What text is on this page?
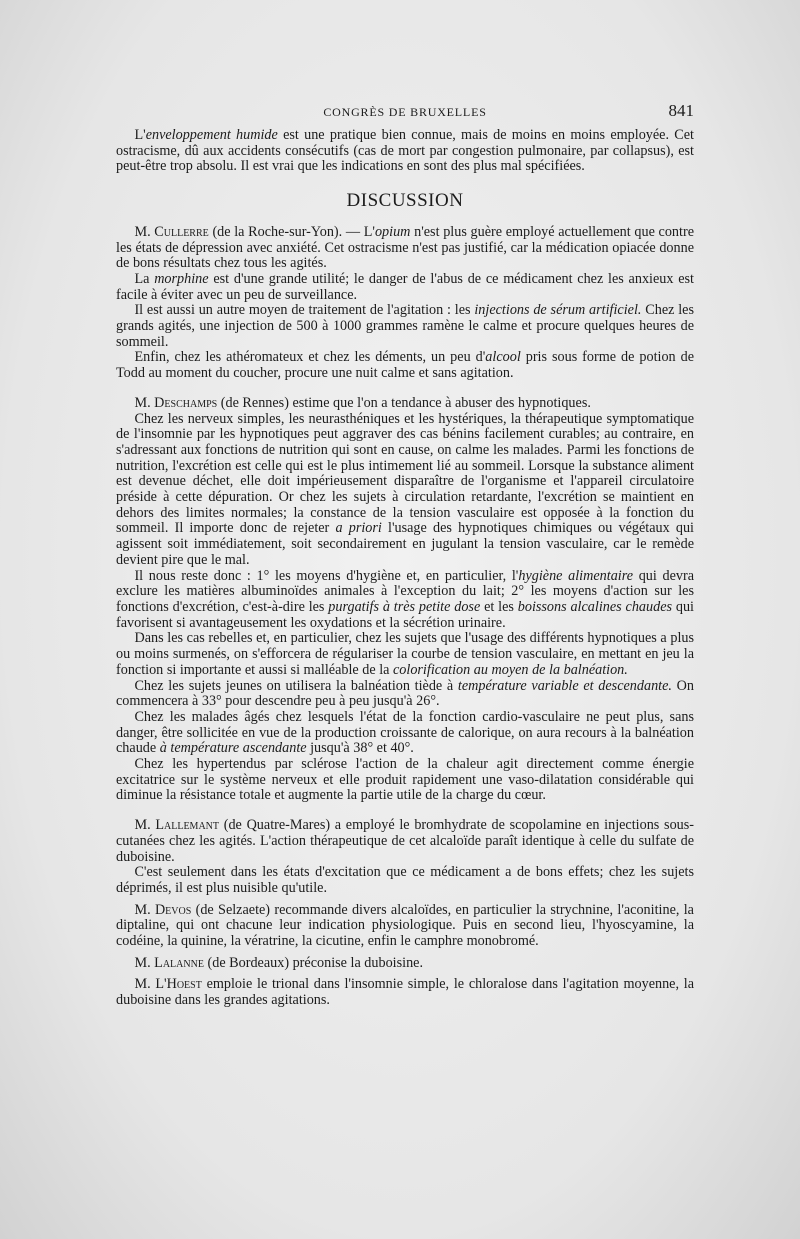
CONGRÈS DE BRUXELLES	841

L'enveloppement humide est une pratique bien connue, mais de moins en moins employée. Cet ostracisme, dû aux accidents consécutifs (cas de mort par congestion pulmonaire, par collapsus), est peut-être trop absolu. Il est vrai que les indications en sont des plus mal spécifiées.

DISCUSSION

M. Cullerre (de la Roche-sur-Yon). — L'opium n'est plus guère employé actuellement que contre les états de dépression avec anxiété. Cet ostracisme n'est pas justifié, car la médication opiacée donne de bons résultats chez tous les agités.

La morphine est d'une grande utilité; le danger de l'abus de ce médicament chez les anxieux est facile à éviter avec un peu de surveillance.

Il est aussi un autre moyen de traitement de l'agitation : les injections de sérum artificiel. Chez les grands agités, une injection de 500 à 1000 grammes ramène le calme et procure quelques heures de sommeil.

Enfin, chez les athéromateux et chez les déments, un peu d'alcool pris sous forme de potion de Todd au moment du coucher, procure une nuit calme et sans agitation.

M. Deschamps (de Rennes) estime que l'on a tendance à abuser des hypnotiques.

Chez les nerveux simples, les neurasthéniques et les hystériques, la thérapeutique symptomatique de l'insomnie par les hypnotiques peut aggraver des cas bénins facilement curables; au contraire, en s'adressant aux fonctions de nutrition qui sont en cause, on calme les malades. Parmi les fonctions de nutrition, l'excrétion est celle qui est le plus intimement lié au sommeil. Lorsque la substance aliment est devenue déchet, elle doit impérieusement disparaître de l'organisme et l'appareil circulatoire préside à cette dépuration. Or chez les sujets à circulation retardante, l'excrétion se maintient en dehors des limites normales; la constance de la tension vasculaire est opposée à la fonction du sommeil. Il importe donc de rejeter a priori l'usage des hypnotiques chimiques ou végétaux qui agissent soit immédiatement, soit secondairement en jugulant la tension vasculaire, car le remède devient pire que le mal.

Il nous reste donc : 1° les moyens d'hygiène et, en particulier, l'hygiène alimentaire qui devra exclure les matières albuminoïdes animales à l'exception du lait; 2° les moyens d'action sur les fonctions d'excrétion, c'est-à-dire les purgatifs à très petite dose et les boissons alcalines chaudes qui favorisent si avantageusement les oxydations et la sécrétion urinaire.

Dans les cas rebelles et, en particulier, chez les sujets que l'usage des différents hypnotiques a plus ou moins surmenés, on s'efforcera de régulariser la courbe de tension vasculaire, en mettant en jeu la fonction si importante et aussi si malléable de la colorification au moyen de la balnéation.

Chez les sujets jeunes on utilisera la balnéation tiède à température variable et descendante. On commencera à 33° pour descendre peu à peu jusqu'à 26°.

Chez les malades âgés chez lesquels l'état de la fonction cardio-vasculaire ne peut plus, sans danger, être sollicitée en vue de la production croissante de calorique, on aura recours à la balnéation chaude à température ascendante jusqu'à 38° et 40°.

Chez les hypertendus par sclérose l'action de la chaleur agit directement comme énergie excitatrice sur le système nerveux et elle produit rapidement une vaso-dilatation considérable qui diminue la résistance totale et augmente la partie utile de la charge du cœur.

M. Lallemant (de Quatre-Mares) a employé le bromhydrate de scopolamine en injections sous-cutanées chez les agités. L'action thérapeutique de cet alcaloïde paraît identique à celle du sulfate de duboisine.

C'est seulement dans les états d'excitation que ce médicament a de bons effets; chez les sujets déprimés, il est plus nuisible qu'utile.

M. Devos (de Selzaete) recommande divers alcaloïdes, en particulier la strychnine, l'aconitine, la diptaline, qui ont chacune leur indication physiologique. Puis en second lieu, l'hyoscyamine, la codéine, la quinine, la vératrine, la cicutine, enfin le camphre monobromé.

M. Lalanne (de Bordeaux) préconise la duboisine.

M. L'Hoest emploie le trional dans l'insomnie simple, le chloralose dans l'agitation moyenne, la duboisine dans les grandes agitations.
